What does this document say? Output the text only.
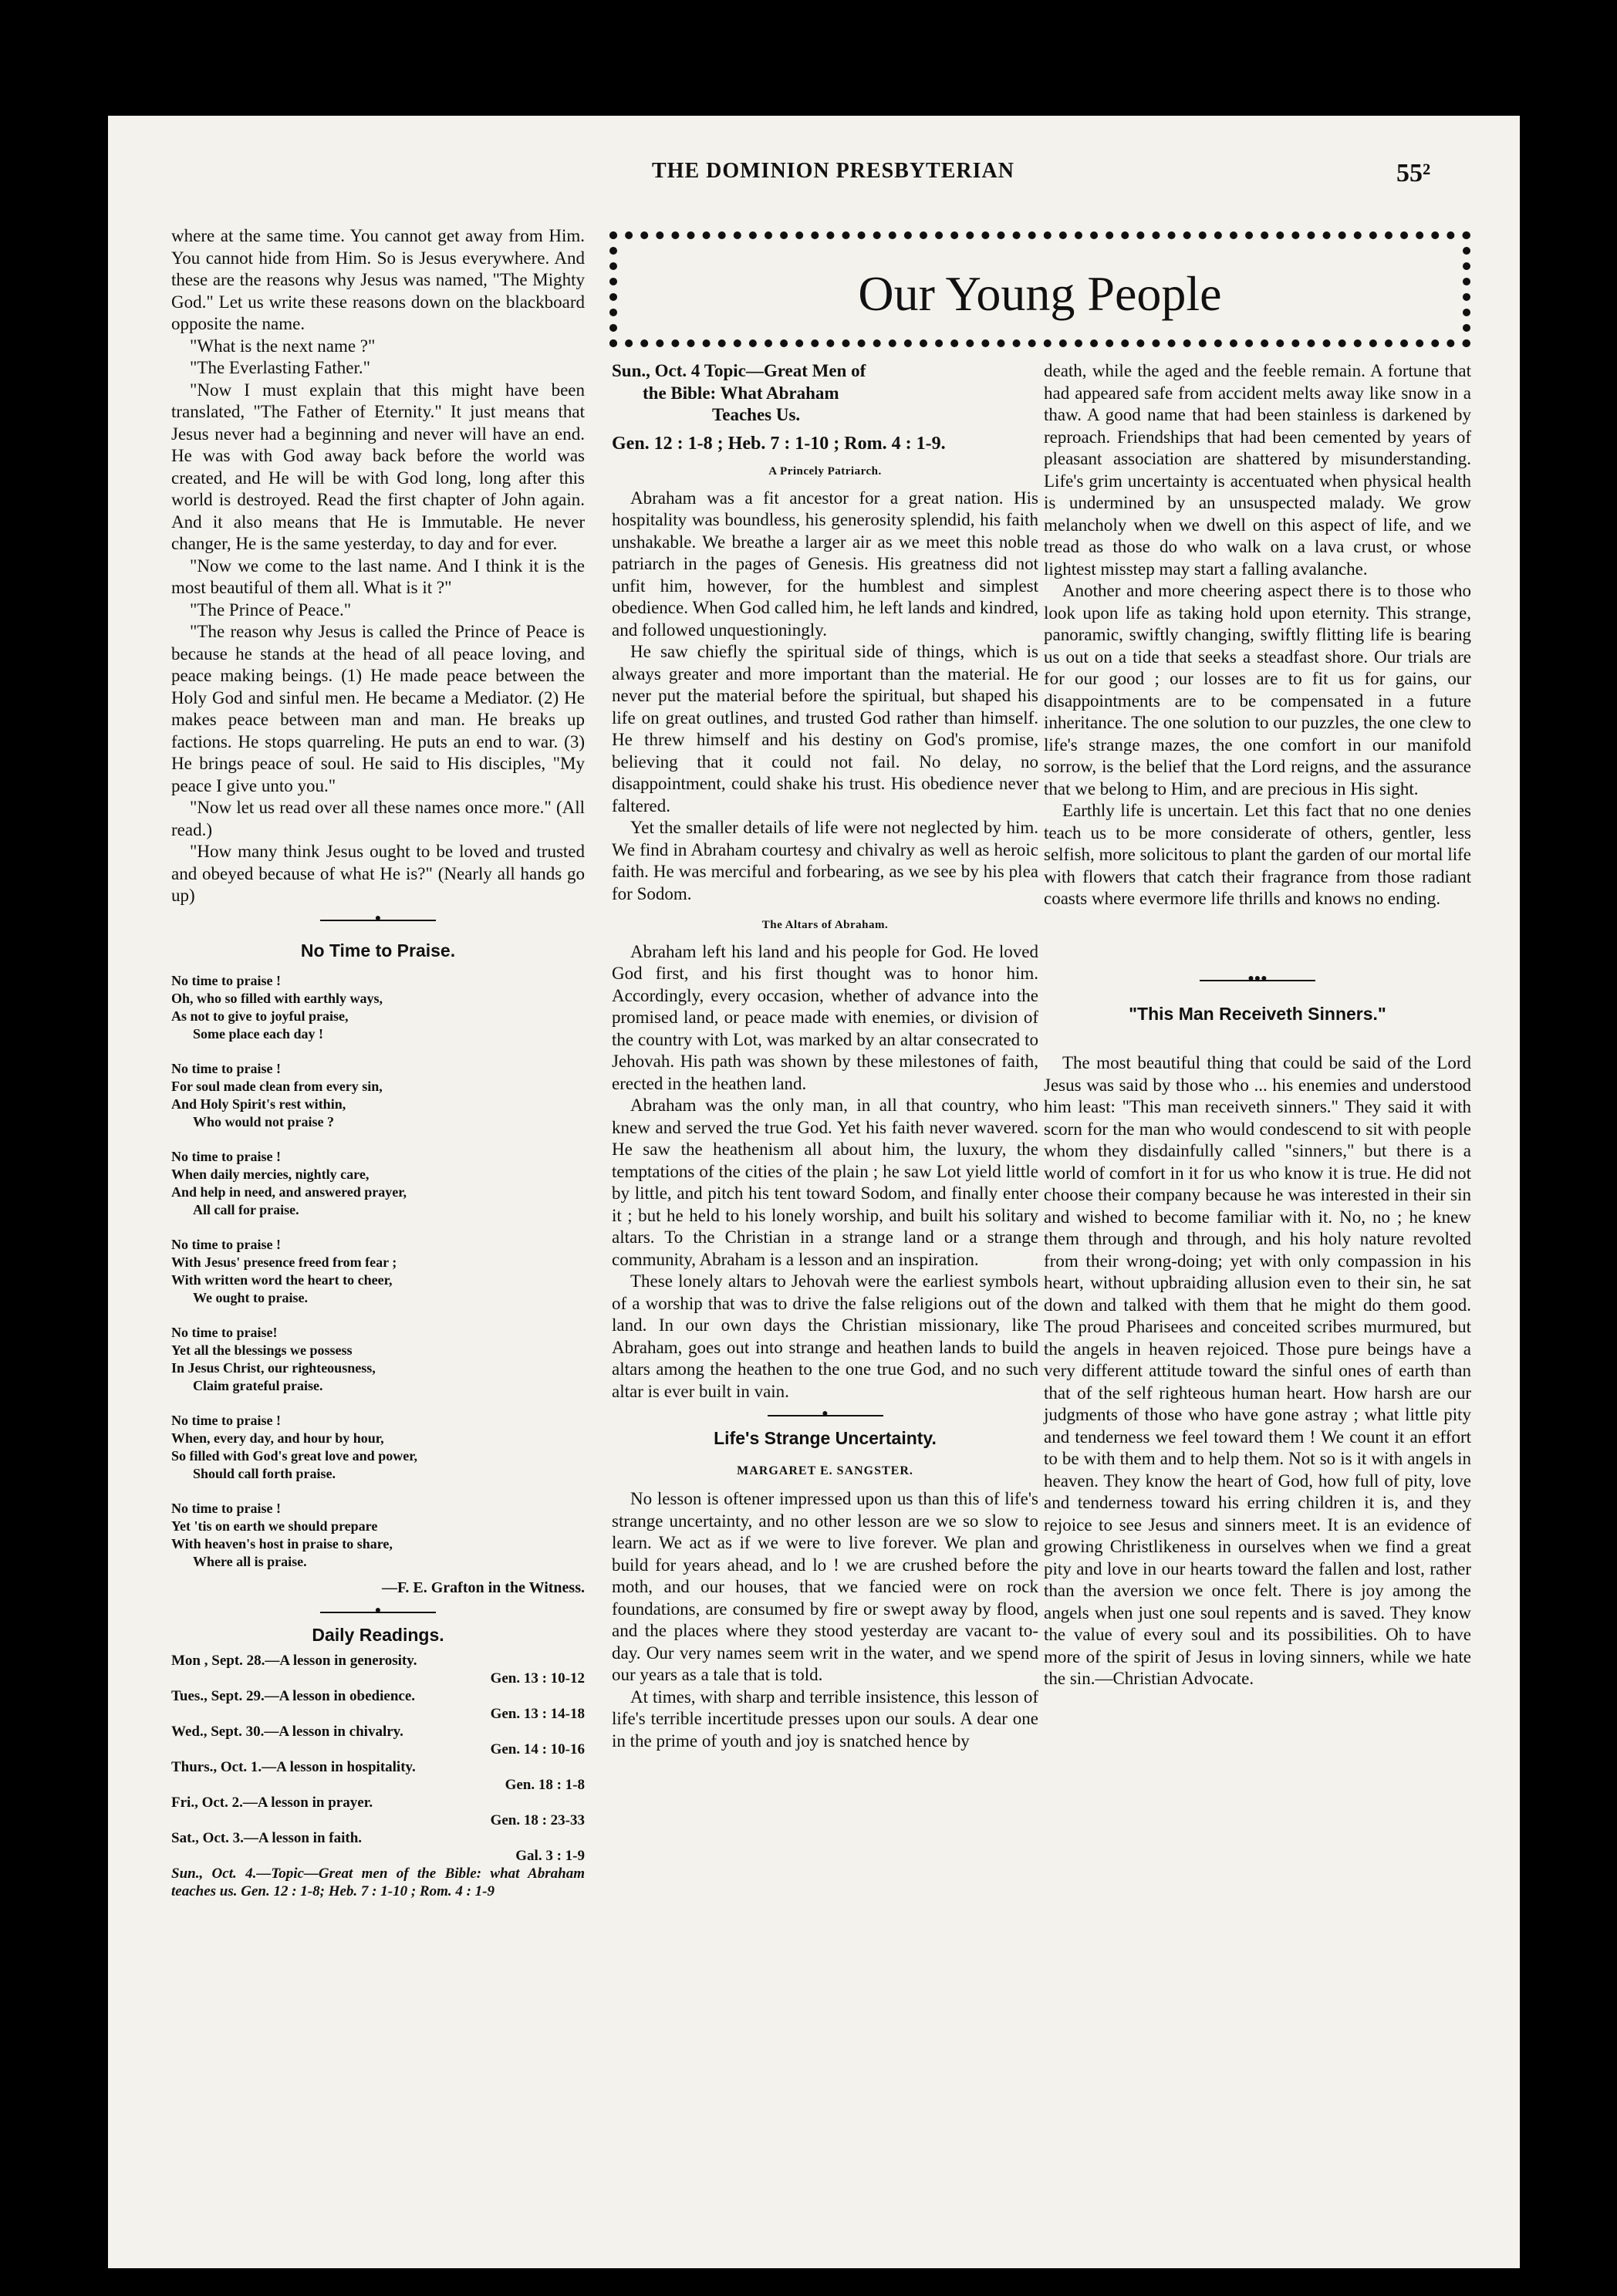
THE DOMINION PRESBYTERIAN	55²

where at the same time. You cannot get away from Him. You cannot hide from Him. So is Jesus everywhere. And these are the reasons why Jesus was named, "The Mighty God." Let us write these reasons down on the blackboard opposite the name.

"What is the next name ?"

"The Everlasting Father."

"Now I must explain that this might have been translated, "The Father of Eternity." It just means that Jesus never had a beginning and never will have an end. He was with God away back before the world was created, and He will be with God long, long after this world is destroyed. Read the first chapter of John again. And it also means that He is Immutable. He never changer, He is the same yesterday, to day and for ever.

"Now we come to the last name. And I think it is the most beautiful of them all. What is it ?"

"The Prince of Peace."

"The reason why Jesus is called the Prince of Peace is because he stands at the head of all peace loving, and peace making beings. (1) He made peace between the Holy God and sinful men. He became a Mediator. (2) He makes peace between man and man. He breaks up factions. He stops quarreling. He puts an end to war. (3) He brings peace of soul. He said to His disciples, "My peace I give unto you."

"Now let us read over all these names once more." (All read.)

"How many think Jesus ought to be loved and trusted and obeyed because of what He is?" (Nearly all hands go up)

●
No Time to Praise.
No time to praise !
Oh, who so filled with earthly ways,
As not to give to joyful praise,
Some place each day !
No time to praise !
For soul made clean from every sin,
And Holy Spirit's rest within,
Who would not praise ?
No time to praise !
When daily mercies, nightly care,
And help in need, and answered prayer,
All call for praise.
No time to praise !
With Jesus' presence freed from fear ;
With written word the heart to cheer,
We ought to praise.
No time to praise!
Yet all the blessings we possess
In Jesus Christ, our righteousness,
Claim grateful praise.
No time to praise !
When, every day, and hour by hour,
So filled with God's great love and power,
Should call forth praise.
No time to praise !
Yet 'tis on earth we should prepare
With heaven's host in praise to share,
Where all is praise.
—F. E. Grafton in the Witness.
●
Daily Readings.
Mon , Sept. 28.—A lesson in generosity.
Gen. 13 : 10-12
Tues., Sept. 29.—A lesson in obedience.
Gen. 13 : 14-18
Wed., Sept. 30.—A lesson in chivalry.
Gen. 14 : 10-16
Thurs., Oct. 1.—A lesson in hospitality.
Gen. 18 : 1-8
Fri., Oct. 2.—A lesson in prayer.
Gen. 18 : 23-33
Sat., Oct. 3.—A lesson in faith.
Gal. 3 : 1-9
Sun., Oct. 4.—Topic—Great men of the Bible: what Abraham teaches us. Gen. 12 : 1-8; Heb. 7 : 1-10 ; Rom. 4 : 1-9
Our Young People
Sun., Oct. 4 Topic—Great Men of
the Bible: What Abraham
Teaches Us.
Gen. 12 : 1-8 ; Heb. 7 : 1-10 ; Rom. 4 : 1-9.
A Princely Patriarch.

Abraham was a fit ancestor for a great nation. His hospitality was boundless, his generosity splendid, his faith unshakable. We breathe a larger air as we meet this noble patriarch in the pages of Genesis. His greatness did not unfit him, however, for the humblest and simplest obedience. When God called him, he left lands and kindred, and followed unquestioningly.

He saw chiefly the spiritual side of things, which is always greater and more important than the material. He never put the material before the spiritual, but shaped his life on great outlines, and trusted God rather than himself. He threw himself and his destiny on God's promise, believing that it could not fail. No delay, no disappointment, could shake his trust. His obedience never faltered.

Yet the smaller details of life were not neglected by him. We find in Abraham courtesy and chivalry as well as heroic faith. He was merciful and forbearing, as we see by his plea for Sodom.

The Altars of Abraham.

Abraham left his land and his people for God. He loved God first, and his first thought was to honor him. Accordingly, every occasion, whether of advance into the promised land, or peace made with enemies, or division of the country with Lot, was marked by an altar consecrated to Jehovah. His path was shown by these milestones of faith, erected in the heathen land.

Abraham was the only man, in all that country, who knew and served the true God. Yet his faith never wavered. He saw the heathenism all about him, the luxury, the temptations of the cities of the plain ; he saw Lot yield little by little, and pitch his tent toward Sodom, and finally enter it ; but he held to his lonely worship, and built his solitary altars. To the Christian in a strange land or a strange community, Abraham is a lesson and an inspiration.

These lonely altars to Jehovah were the earliest symbols of a worship that was to drive the false religions out of the land. In our own days the Christian missionary, like Abraham, goes out into strange and heathen lands to build altars among the heathen to the one true God, and no such altar is ever built in vain.

●
Life's Strange Uncertainty.
MARGARET E. SANGSTER.

No lesson is oftener impressed upon us than this of life's strange uncertainty, and no other lesson are we so slow to learn. We act as if we were to live forever. We plan and build for years ahead, and lo ! we are crushed before the moth, and our houses, that we fancied were on rock foundations, are consumed by fire or swept away by flood, and the places where they stood yesterday are vacant to-day. Our very names seem writ in the water, and we spend our years as a tale that is told.

At times, with sharp and terrible insistence, this lesson of life's terrible incertitude presses upon our souls. A dear one in the prime of youth and joy is snatched hence by

death, while the aged and the feeble remain. A fortune that had appeared safe from accident melts away like snow in a thaw. A good name that had been stainless is darkened by reproach. Friendships that had been cemented by years of pleasant association are shattered by misunderstanding. Life's grim uncertainty is accentuated when physical health is undermined by an unsuspected malady. We grow melancholy when we dwell on this aspect of life, and we tread as those do who walk on a lava crust, or whose lightest misstep may start a falling avalanche.

Another and more cheering aspect there is to those who look upon life as taking hold upon eternity. This strange, panoramic, swiftly changing, swiftly flitting life is bearing us out on a tide that seeks a steadfast shore. Our trials are for our good ; our losses are to fit us for gains, our disappointments are to be compensated in a future inheritance. The one solution to our puzzles, the one clew to life's strange mazes, the one comfort in our manifold sorrow, is the belief that the Lord reigns, and the assurance that we belong to Him, and are precious in His sight.

Earthly life is uncertain. Let this fact that no one denies teach us to be more considerate of others, gentler, less selfish, more solicitous to plant the garden of our mortal life with flowers that catch their fragrance from those radiant coasts where evermore life thrills and knows no ending.

●●●
"This Man Receiveth Sinners."

The most beautiful thing that could be said of the Lord Jesus was said by those who ... his enemies and understood him least: "This man receiveth sinners." They said it with scorn for the man who would condescend to sit with people whom they disdainfully called "sinners," but there is a world of comfort in it for us who know it is true. He did not choose their company because he was interested in their sin and wished to become familiar with it. No, no ; he knew them through and through, and his holy nature revolted from their wrong-doing; yet with only compassion in his heart, without upbraiding allusion even to their sin, he sat down and talked with them that he might do them good. The proud Pharisees and conceited scribes murmured, but the angels in heaven rejoiced. Those pure beings have a very different attitude toward the sinful ones of earth than that of the self righteous human heart. How harsh are our judgments of those who have gone astray ; what little pity and tenderness we feel toward them ! We count it an effort to be with them and to help them. Not so is it with angels in heaven. They know the heart of God, how full of pity, love and tenderness toward his erring children it is, and they rejoice to see Jesus and sinners meet. It is an evidence of growing Christlikeness in ourselves when we find a great pity and love in our hearts toward the fallen and lost, rather than the aversion we once felt. There is joy among the angels when just one soul repents and is saved. They know the value of every soul and its possibilities. Oh to have more of the spirit of Jesus in loving sinners, while we hate the sin.—Christian Advocate.
